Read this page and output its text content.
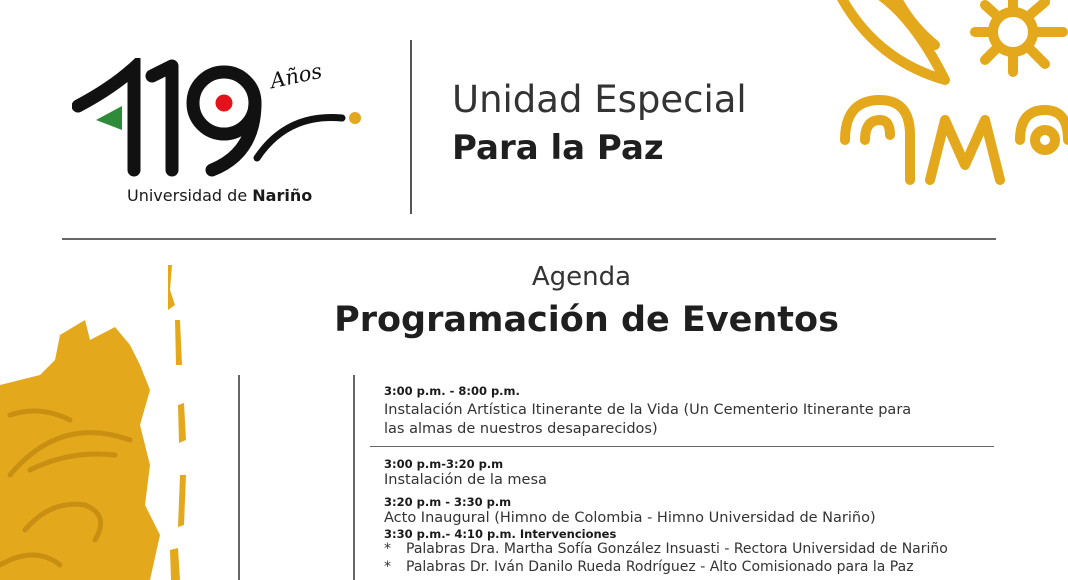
Años
Universidad de Nariño
Unidad Especial
Para la Paz
Agenda
Programación de Eventos
3:00 p.m. - 8:00 p.m.
Instalación Artística Itinerante de la Vida (Un Cementerio Itinerante para
las almas de nuestros desaparecidos)
3:00 p.m-3:20 p.m
Instalación de la mesa
3:20 p.m - 3:30 p.m
Acto Inaugural (Himno de Colombia - Himno Universidad de Nariño)
3:30 p.m.- 4:10 p.m. Intervenciones
* Palabras Dra. Martha Sofía González Insuasti - Rectora Universidad de Nariño
* Palabras Dr. Iván Danilo Rueda Rodríguez - Alto Comisionado para la Paz
